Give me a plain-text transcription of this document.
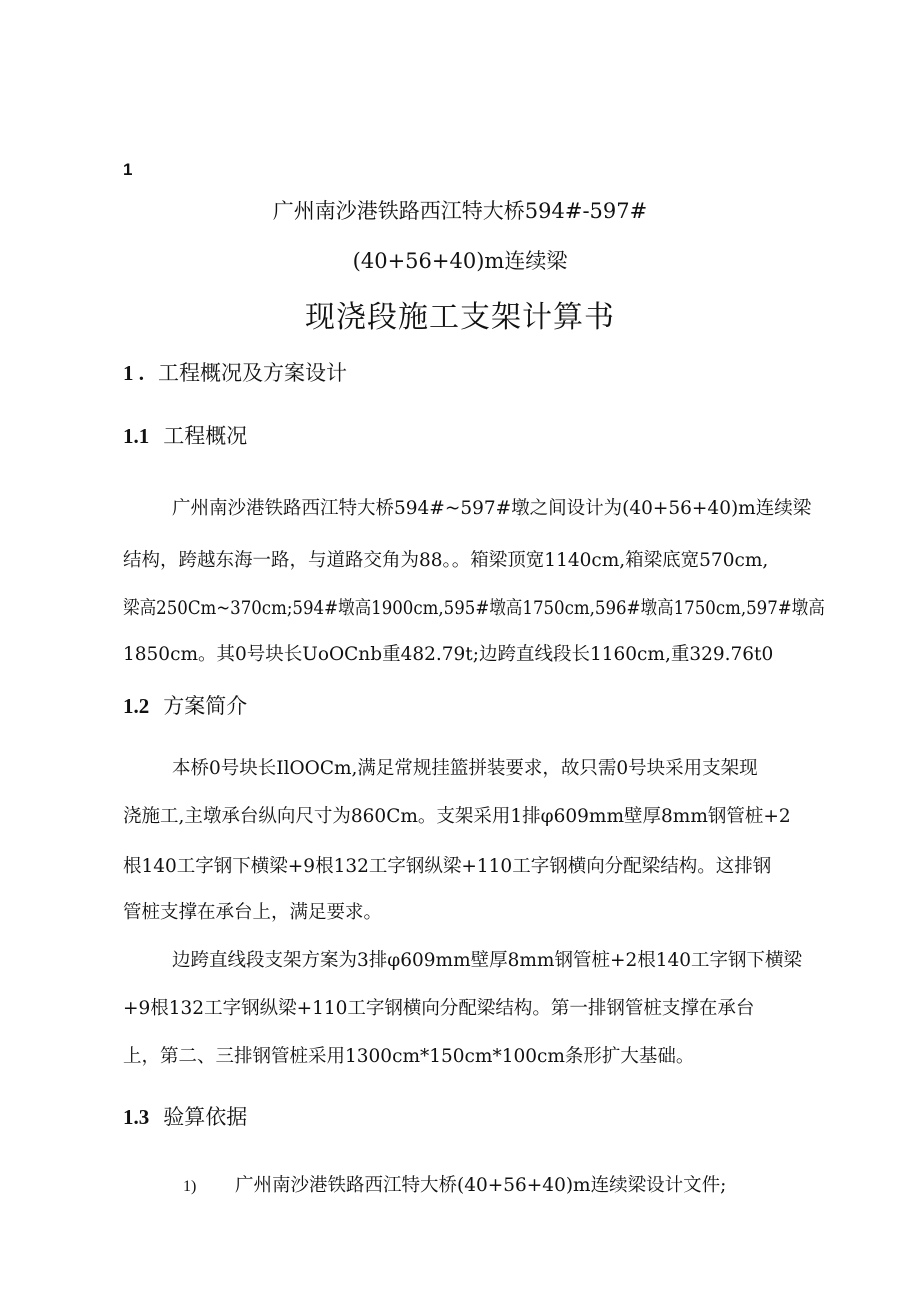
1
广州南沙港铁路西江特大桥594#-597#
(40+56+40)m连续梁
现浇段施工支架计算书
1 . 工程概况及方案设计
1.1 工程概况
广州南沙港铁路西江特大桥594#~597#墩之间设计为(40+56+40)m连续梁
结构，跨越东海一路，与道路交角为88。。箱梁顶宽1140cm,箱梁底宽570cm,
梁高250Cm~370cm;594#墩高1900cm,595#墩高1750cm,596#墩高1750cm,597#墩高
1850cm。其0号块长UoOCnb重482.79t;边跨直线段长1160cm,重329.76t0
1.2 方案简介
本桥0号块长IlOOCm,满足常规挂篮拼装要求，故只需0号块采用支架现
浇施工,主墩承台纵向尺寸为860Cm。支架采用1排φ609mm壁厚8mm钢管桩+2
根140工字钢下横梁+9根132工字钢纵梁+110工字钢横向分配梁结构。这排钢
管桩支撑在承台上，满足要求。
边跨直线段支架方案为3排φ609mm壁厚8mm钢管桩+2根140工字钢下横梁
+9根132工字钢纵梁+110工字钢横向分配梁结构。第一排钢管桩支撑在承台
上，第二、三排钢管桩采用1300cm*150cm*100cm条形扩大基础。
1.3 验算依据
1) 广州南沙港铁路西江特大桥(40+56+40)m连续梁设计文件;
